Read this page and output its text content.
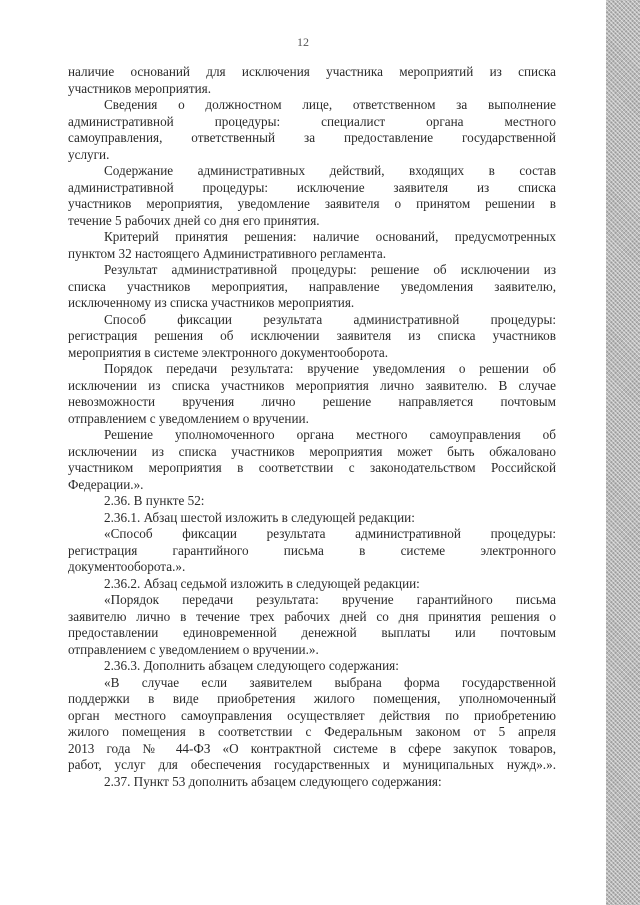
12
наличие оснований для исключения участника мероприятий из списка
участников мероприятия.
Сведения о должностном лице, ответственном за выполнение
административной процедуры: специалист органа местного
самоуправления, ответственный за предоставление государственной
услуги.
Содержание административных действий, входящих в состав
административной процедуры: исключение заявителя из списка
участников мероприятия, уведомление заявителя о принятом решении в
течение 5 рабочих дней со дня его принятия.
Критерий принятия решения: наличие оснований, предусмотренных
пунктом 32 настоящего Административного регламента.
Результат административной процедуры: решение об исключении из
списка участников мероприятия, направление уведомления заявителю,
исключенному из списка участников мероприятия.
Способ фиксации результата административной процедуры:
регистрация решения об исключении заявителя из списка участников
мероприятия в системе электронного документооборота.
Порядок передачи результата: вручение уведомления о решении об
исключении из списка участников мероприятия лично заявителю. В случае
невозможности вручения лично решение направляется почтовым
отправлением с уведомлением о вручении.
Решение уполномоченного органа местного самоуправления об
исключении из списка участников мероприятия может быть обжаловано
участником мероприятия в соответствии с законодательством Российской
Федерации.».
2.36. В пункте 52:
2.36.1. Абзац шестой изложить в следующей редакции:
«Способ фиксации результата административной процедуры:
регистрация гарантийного письма в системе электронного
документооборота.».
2.36.2. Абзац седьмой изложить в следующей редакции:
«Порядок передачи результата: вручение гарантийного письма
заявителю лично в течение трех рабочих дней со дня принятия решения о
предоставлении единовременной денежной выплаты или почтовым
отправлением с уведомлением о вручении.».
2.36.3. Дополнить абзацем следующего содержания:
«В случае если заявителем выбрана форма государственной
поддержки в виде приобретения жилого помещения, уполномоченный
орган местного самоуправления осуществляет действия по приобретению
жилого помещения в соответствии с Федеральным законом от 5 апреля
2013 года № 44-ФЗ «О контрактной системе в сфере закупок товаров,
работ, услуг для обеспечения государственных и муниципальных нужд».».
2.37. Пункт 53 дополнить абзацем следующего содержания:
